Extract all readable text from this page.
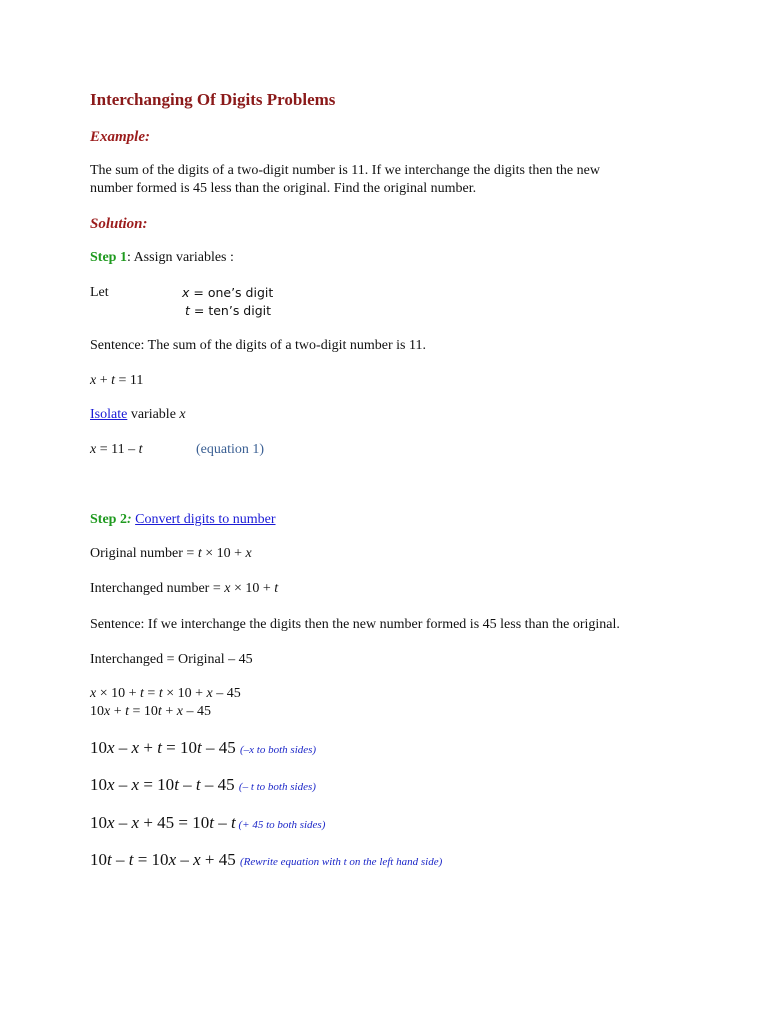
Interchanging Of Digits Problems
Example:
The sum of the digits of a two-digit number is 11. If we interchange the digits then the new
number formed is 45 less than the original. Find the original number.
Solution:
Step 1: Assign variables :
Let	x = one’s digit
t = ten’s digit
Sentence: The sum of the digits of a two-digit number is 11.
x + t = 11
Isolate variable x
x = 11 – t	(equation 1)
Step 2: Convert digits to number
Original number = t × 10 + x
Interchanged number = x × 10 + t
Sentence: If we interchange the digits then the new number formed is 45 less than the original.
Interchanged = Original – 45
x × 10 + t = t × 10 + x – 45
10x + t = 10t + x – 45
10x – x + t = 10t – 45 (–x to both sides)
10x – x = 10t – t – 45 (– t to both sides)
10x – x + 45 = 10t – t (+ 45 to both sides)
10t – t = 10x – x + 45 (Rewrite equation with t on the left hand side)
